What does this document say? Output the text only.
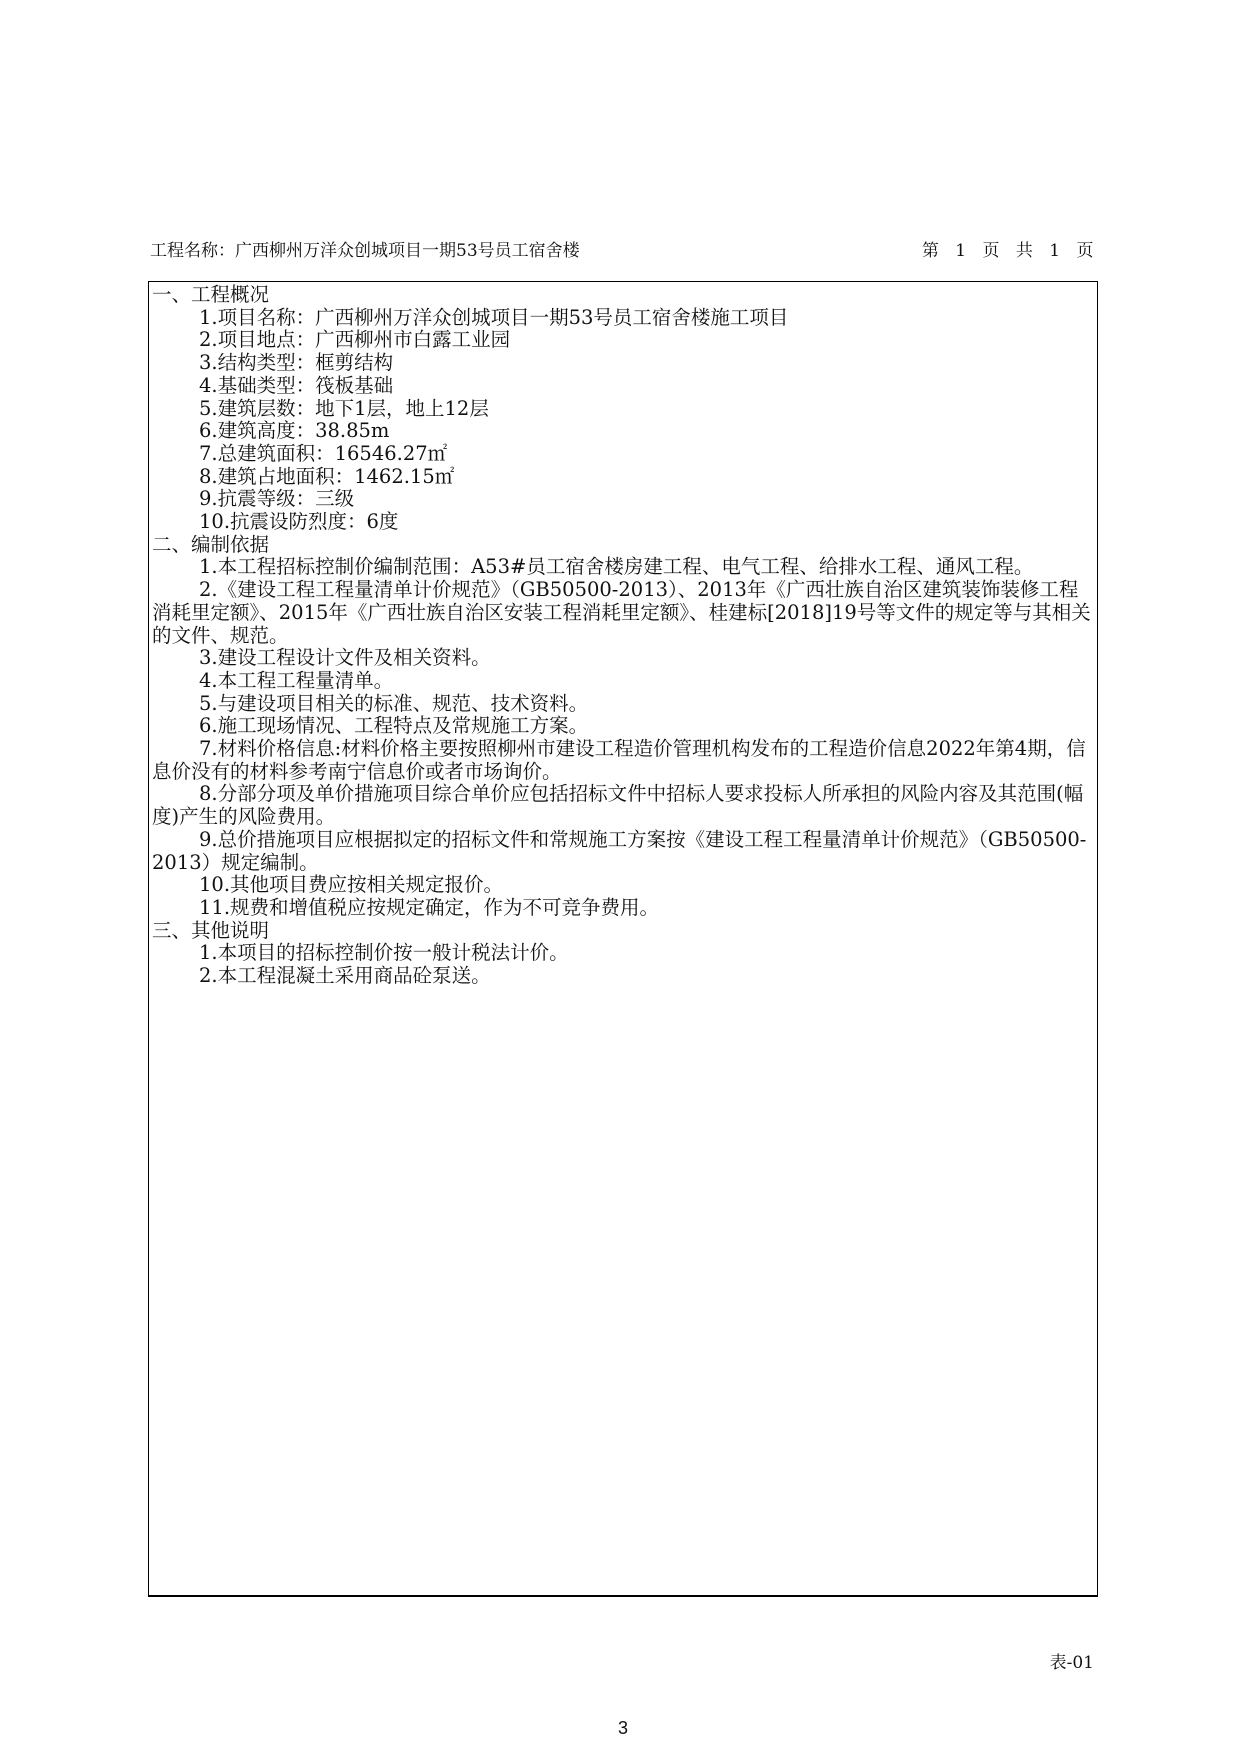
工程名称：广西柳州万洋众创城项目一期53号员工宿舍楼	第 1 页 共 1 页
一、工程概况
1.项目名称：广西柳州万洋众创城项目一期53号员工宿舍楼施工项目
2.项目地点：广西柳州市白露工业园
3.结构类型：框剪结构
4.基础类型：筏板基础
5.建筑层数：地下1层，地上12层
6.建筑高度：38.85m
7.总建筑面积：16546.27㎡
8.建筑占地面积：1462.15㎡
9.抗震等级：三级
10.抗震设防烈度：6度
二、编制依据
1.本工程招标控制价编制范围：A53#员工宿舍楼房建工程、电气工程、给排水工程、通风工程。
2.《建设工程工程量清单计价规范》（GB50500-2013）、2013年《广西壮族自治区建筑装饰装修工程消耗里定额》、2015年《广西壮族自治区安装工程消耗里定额》、桂建标[2018]19号等文件的规定等与其相关的文件、规范。
3.建设工程设计文件及相关资料。
4.本工程工程量清单。
5.与建设项目相关的标准、规范、技术资料。
6.施工现场情况、工程特点及常规施工方案。
7.材料价格信息:材料价格主要按照柳州市建设工程造价管理机构发布的工程造价信息2022年第4期，信息价没有的材料参考南宁信息价或者市场询价。
8.分部分项及单价措施项目综合单价应包括招标文件中招标人要求投标人所承担的风险内容及其范围(幅度)产生的风险费用。
9.总价措施项目应根据拟定的招标文件和常规施工方案按《建设工程工程量清单计价规范》（GB50500-2013）规定编制。
10.其他项目费应按相关规定报价。
11.规费和增值税应按规定确定，作为不可竞争费用。
三、其他说明
1.本项目的招标控制价按一般计税法计价。
2.本工程混凝土采用商品砼泵送。
表-01
3
